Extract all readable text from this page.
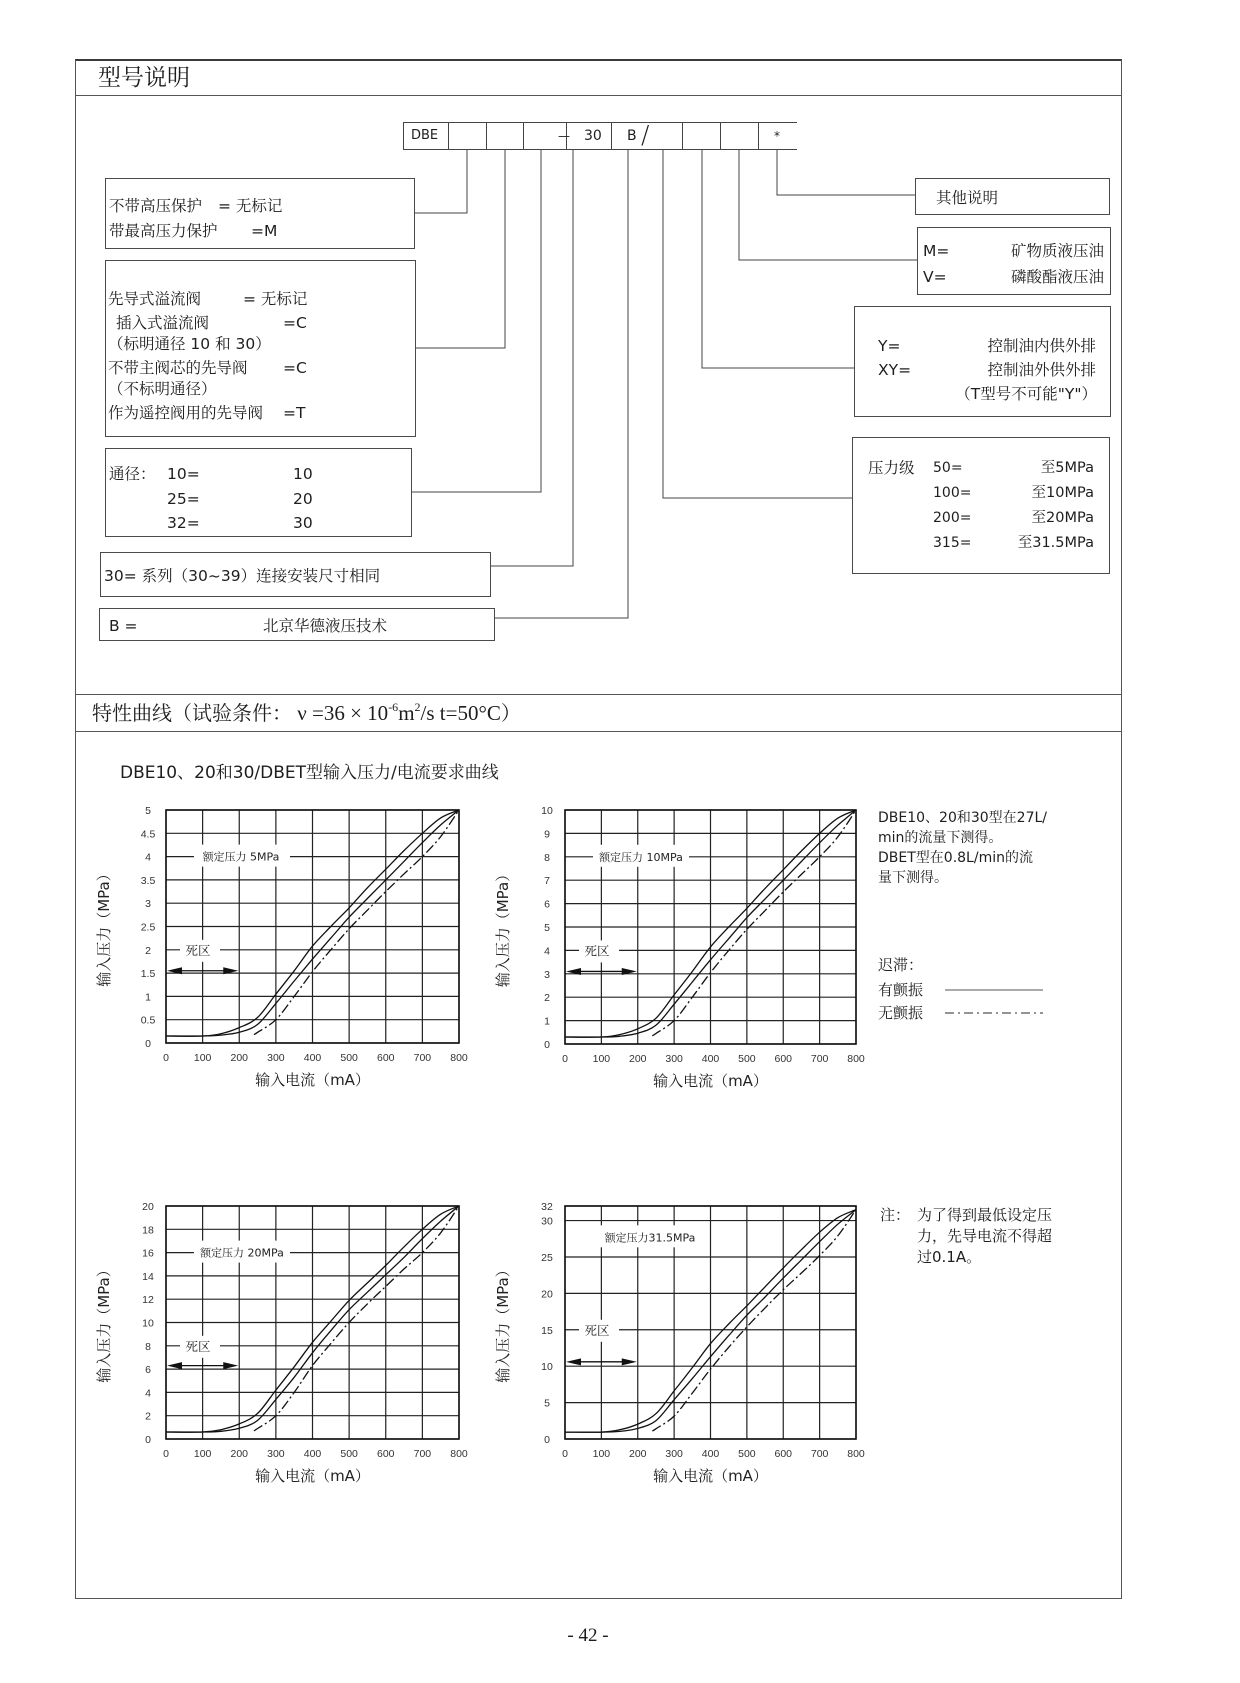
型号说明
DBE	30 B /	*
—
不带高压保护 = 无标记
带最高压力保护 =M
先导式溢流阀	= 无标记
插入式溢流阀	=C
（标明通径 10 和 30）
不带主阀芯的先导阀 =C
（不标明通径）
作为遥控阀用的先导阀 =T
通径： 10=	10
25=	20
32=	30
30= 系列（30~39）连接安装尺寸相同
B =	北京华德液压技术
其他说明
M=	矿物质液压油
V=	磷酸酯液压油
Y=	控制油内供外排
XY=	控制油外供外排
（T型号不可能"Y"）
压力级 50=	至5MPa
100=	至10MPa
200=	至20MPa
315=	至31.5MPa
特性曲线（试验条件： $\nu =36 \times 10^{-6}m^2/s$ t=50°C）
DBE10、20和30/DBET型输入压力/电流要求曲线
0
0.5
1
1.5
2
2.5
3
3.5
4
4.5
5
0 100 200 300 400 500 600 700 800
额定压力 5MPa
死区
输入电流（mA）
输入压力（MPa）
0
1
2
3
4
5
6
7
8
9
10
0 100 200 300 400 500 600 700 800
额定压力 10MPa
死区
输入电流（mA）
输入压力（MPa）
0
2
4
6
8
10
12
14
16
18
20
0 100 200 300 400 500 600 700 800
额定压力 20MPa
死区
输入电流（mA）
输入压力（MPa）
0
5
10
15
20
25
30
32
0 100 200 300 400 500 600 700 800
额定压力31.5MPa
死区
输入电流（mA）
输入压力（MPa）
DBE10、20和30型在27L/
min的流量下测得。
DBET型在0.8L/min的流
量下测得。
迟滞：
有颤振
无颤振
注： 为了得到最低设定压
力，先导电流不得超
过0.1A。
- 42 -
